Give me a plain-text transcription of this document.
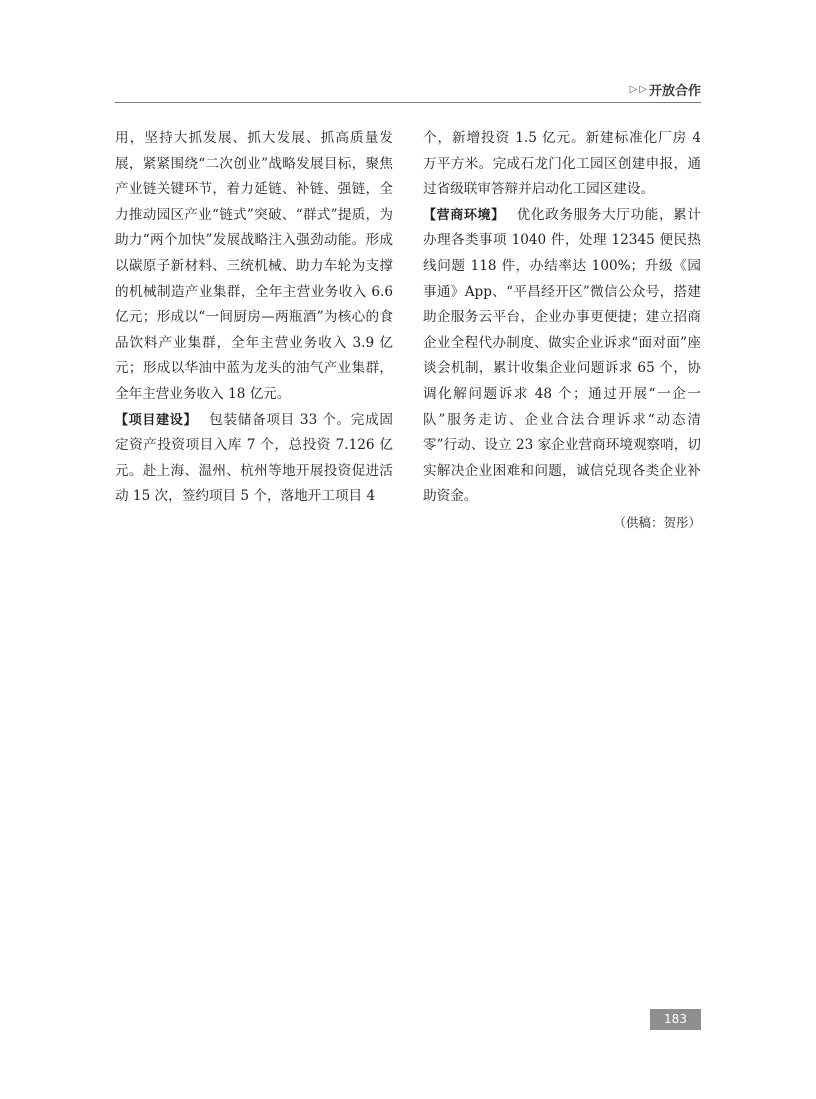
▷ ▷ 开放合作

用，坚持大抓发展、抓大发展、抓高质量发展，紧紧围绕“二次创业”战略发展目标，聚焦产业链关键环节，着力延链、补链、强链，全力推动园区产业“链式”突破、“群式”提质，为助力“两个加快”发展战略注入强劲动能。形成以碳原子新材料、三统机械、助力车轮为支撑的机械制造产业集群，全年主营业务收入 6.6 亿元；形成以“一间厨房—两瓶酒”为核心的食品饮料产业集群，全年主营业务收入 3.9 亿元；形成以华油中蓝为龙头的油气产业集群，全年主营业务收入 18 亿元。

【项目建设】 包装储备项目 33 个。完成固定资产投资项目入库 7 个，总投资 7.126 亿元。赴上海、温州、杭州等地开展投资促进活动 15 次，签约项目 5 个，落地开工项目 4

个，新增投资 1.5 亿元。新建标准化厂房 4 万平方米。完成石龙门化工园区创建申报，通过省级联审答辩并启动化工园区建设。

【营商环境】 优化政务服务大厅功能，累计办理各类事项 1040 件，处理 12345 便民热线问题 118 件，办结率达 100%；升级《园事通》App、“平昌经开区”微信公众号，搭建助企服务云平台，企业办事更便捷；建立招商企业全程代办制度、做实企业诉求“面对面”座谈会机制，累计收集企业问题诉求 65 个，协调化解问题诉求 48 个；通过开展“一企一队”服务走访、企业合法合理诉求“动态清零”行动、设立 23 家企业营商环境观察哨，切实解决企业困难和问题，诚信兑现各类企业补助资金。

（供稿：贺彤）

183
